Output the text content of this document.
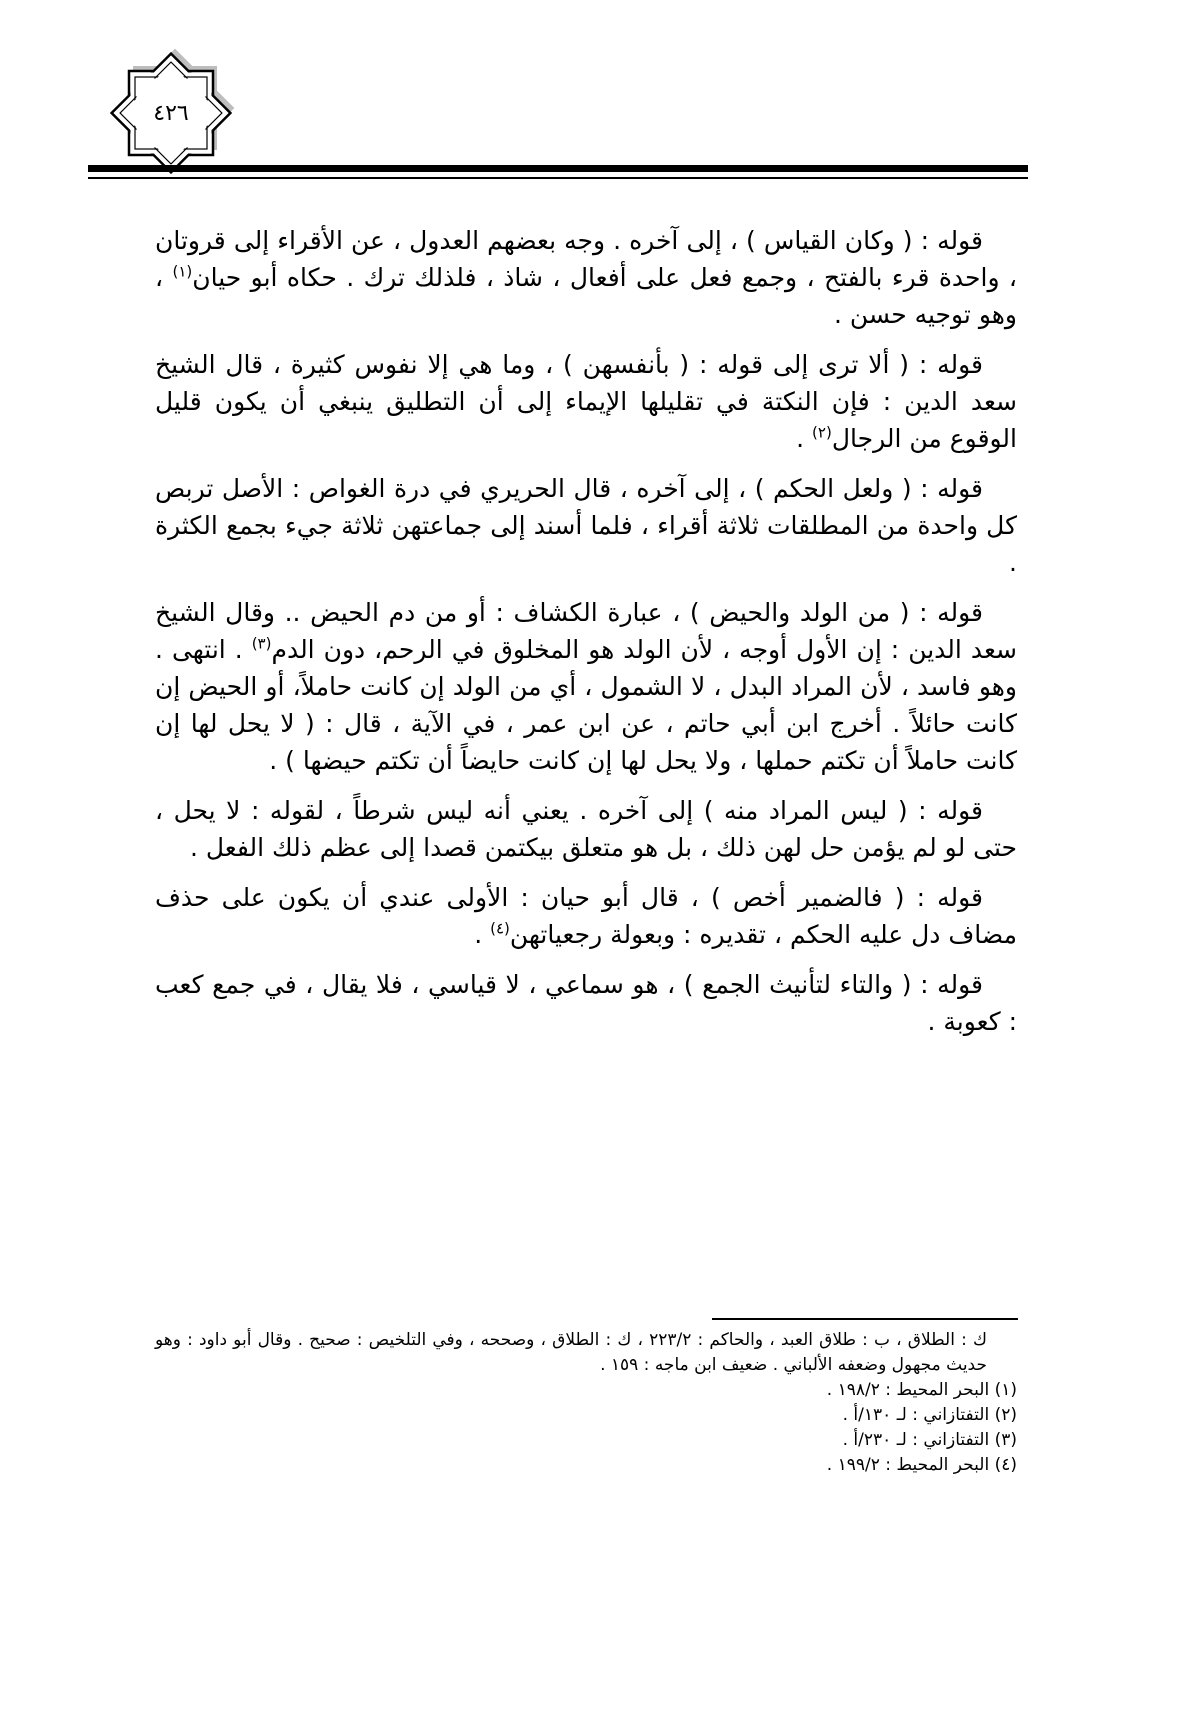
٤٢٦

قوله : ( وكان القياس ) ، إلى آخره . وجه بعضهم العدول ، عن الأقراء إلى قروتان ، واحدة قرء بالفتح ، وجمع فعل على أفعال ، شاذ ، فلذلك ترك . حكاه أبو حيان$^{(١)}$ ، وهو توجيه حسن .

قوله : ( ألا ترى إلى قوله : ( بأنفسهن ) ، وما هي إلا نفوس كثيرة ، قال الشيخ سعد الدين : فإن النكتة في تقليلها الإيماء إلى أن التطليق ينبغي أن يكون قليل الوقوع من الرجال$^{(٢)}$ .

قوله : ( ولعل الحكم ) ، إلى آخره ، قال الحريري في درة الغواص : الأصل تربص كل واحدة من المطلقات ثلاثة أقراء ، فلما أسند إلى جماعتهن ثلاثة جيء بجمع الكثرة .

قوله : ( من الولد والحيض ) ، عبارة الكشاف : أو من دم الحيض .. وقال الشيخ سعد الدين : إن الأول أوجه ، لأن الولد هو المخلوق في الرحم، دون الدم$^{(٣)}$ . انتهى . وهو فاسد ، لأن المراد البدل ، لا الشمول ، أي من الولد إن كانت حاملاً، أو الحيض إن كانت حائلاً . أخرج ابن أبي حاتم ، عن ابن عمر ، في الآية ، قال : ( لا يحل لها إن كانت حاملاً أن تكتم حملها ، ولا يحل لها إن كانت حايضاً أن تكتم حيضها ) .

قوله : ( ليس المراد منه ) إلى آخره . يعني أنه ليس شرطاً ، لقوله : لا يحل ، حتى لو لم يؤمن حل لهن ذلك ، بل هو متعلق بيكتمن قصدا إلى عظم ذلك الفعل .

قوله : ( فالضمير أخص ) ، قال أبو حيان : الأولى عندي أن يكون على حذف مضاف دل عليه الحكم ، تقديره : وبعولة رجعياتهن$^{(٤)}$ .

قوله : ( والتاء لتأنيث الجمع ) ، هو سماعي ، لا قياسي ، فلا يقال ، في جمع كعب : كعوبة .

ك : الطلاق ، ب : طلاق العبد ، والحاكم : ٢٢٣/٢ ، ك : الطلاق ، وصححه ، وفي التلخيص : صحيح . وقال أبو داود : وهو حديث مجهول وضعفه الألباني . ضعيف ابن ماجه : ١٥٩ .

(١) البحر المحيط : ١٩٨/٢ .

(٢) التفتازاني : لـ ١٣٠/أ .

(٣) التفتازاني : لـ ٢٣٠/أ .

(٤) البحر المحيط : ١٩٩/٢ .
